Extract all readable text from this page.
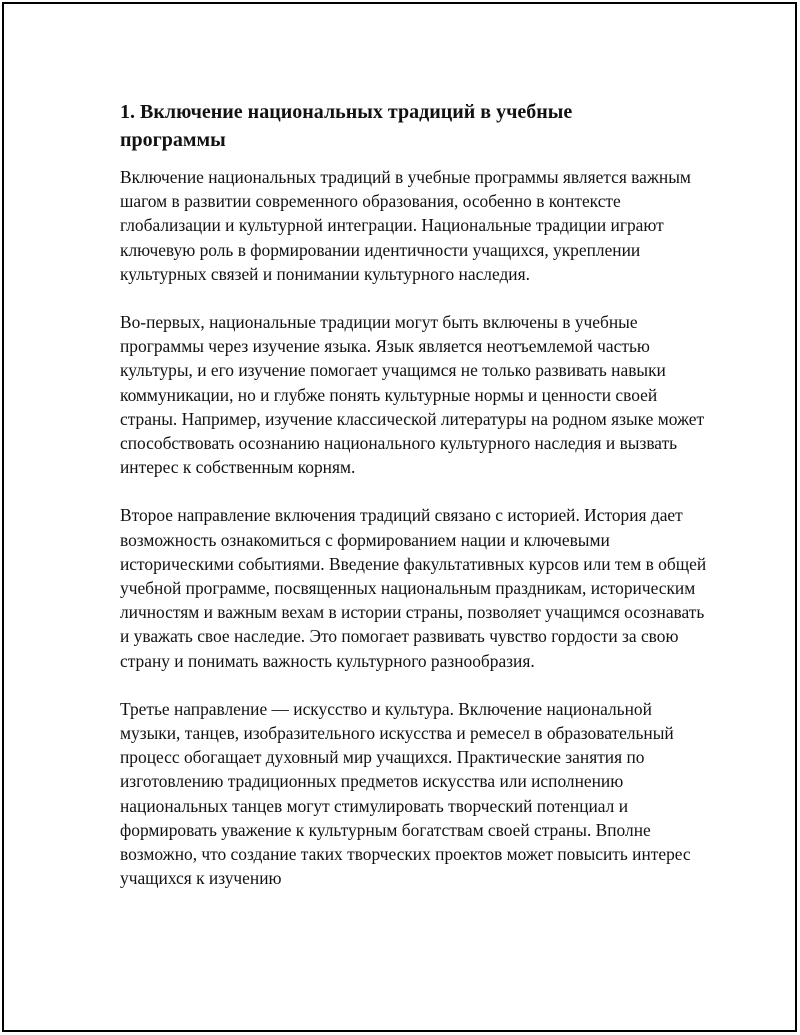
1. Включение национальных традиций в учебные программы

Включение национальных традиций в учебные программы является важным шагом в развитии современного образования, особенно в контексте глобализации и культурной интеграции. Национальные традиции играют ключевую роль в формировании идентичности учащихся, укреплении культурных связей и понимании культурного наследия.

Во-первых, национальные традиции могут быть включены в учебные программы через изучение языка. Язык является неотъемлемой частью культуры, и его изучение помогает учащимся не только развивать навыки коммуникации, но и глубже понять культурные нормы и ценности своей страны. Например, изучение классической литературы на родном языке может способствовать осознанию национального культурного наследия и вызвать интерес к собственным корням.

Второе направление включения традиций связано с историей. История дает возможность ознакомиться с формированием нации и ключевыми историческими событиями. Введение факультативных курсов или тем в общей учебной программе, посвященных национальным праздникам, историческим личностям и важным вехам в истории страны, позволяет учащимся осознавать и уважать свое наследие. Это помогает развивать чувство гордости за свою страну и понимать важность культурного разнообразия.

Третье направление — искусство и культура. Включение национальной музыки, танцев, изобразительного искусства и ремесел в образовательный процесс обогащает духовный мир учащихся. Практические занятия по изготовлению традиционных предметов искусства или исполнению национальных танцев могут стимулировать творческий потенциал и формировать уважение к культурным богатствам своей страны. Вполне возможно, что создание таких творческих проектов может повысить интерес учащихся к изучению
